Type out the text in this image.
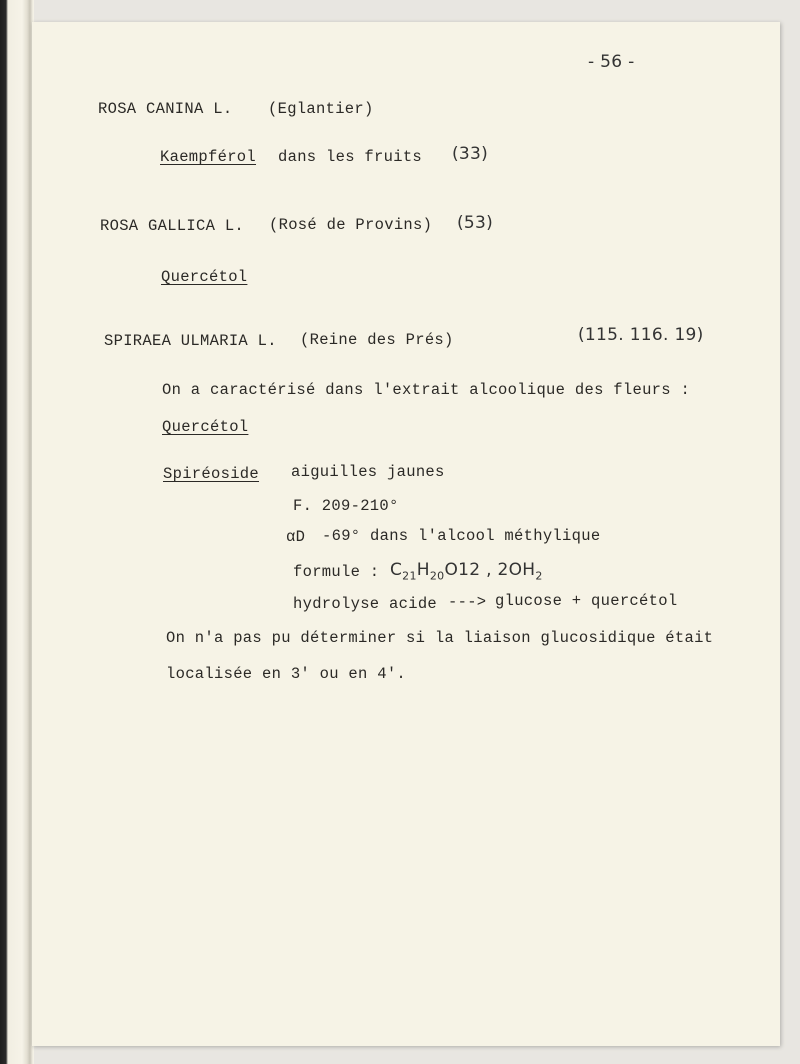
- 56 -
ROSA CANINA L. (Eglantier)
Kaempférol dans les fruits (33)
ROSA GALLICA L. (Rosé de Provins) (53)
Quercétol
SPIRAEA ULMARIA L. (Reine des Prés)	(115. 116. 19)
On a caractérisé dans l'extrait alcoolique des fleurs :
Quercétol
Spiréoside aiguilles jaunes
F. 209-210°
αD -69° dans l'alcool méthylique
formule : $C_{21}H_{20}O12$ , $2OH_2$
hydrolyse acide ---> glucose + quercétol
On n'a pas pu déterminer si la liaison glucosidique était
localisée en 3' ou en 4'.
